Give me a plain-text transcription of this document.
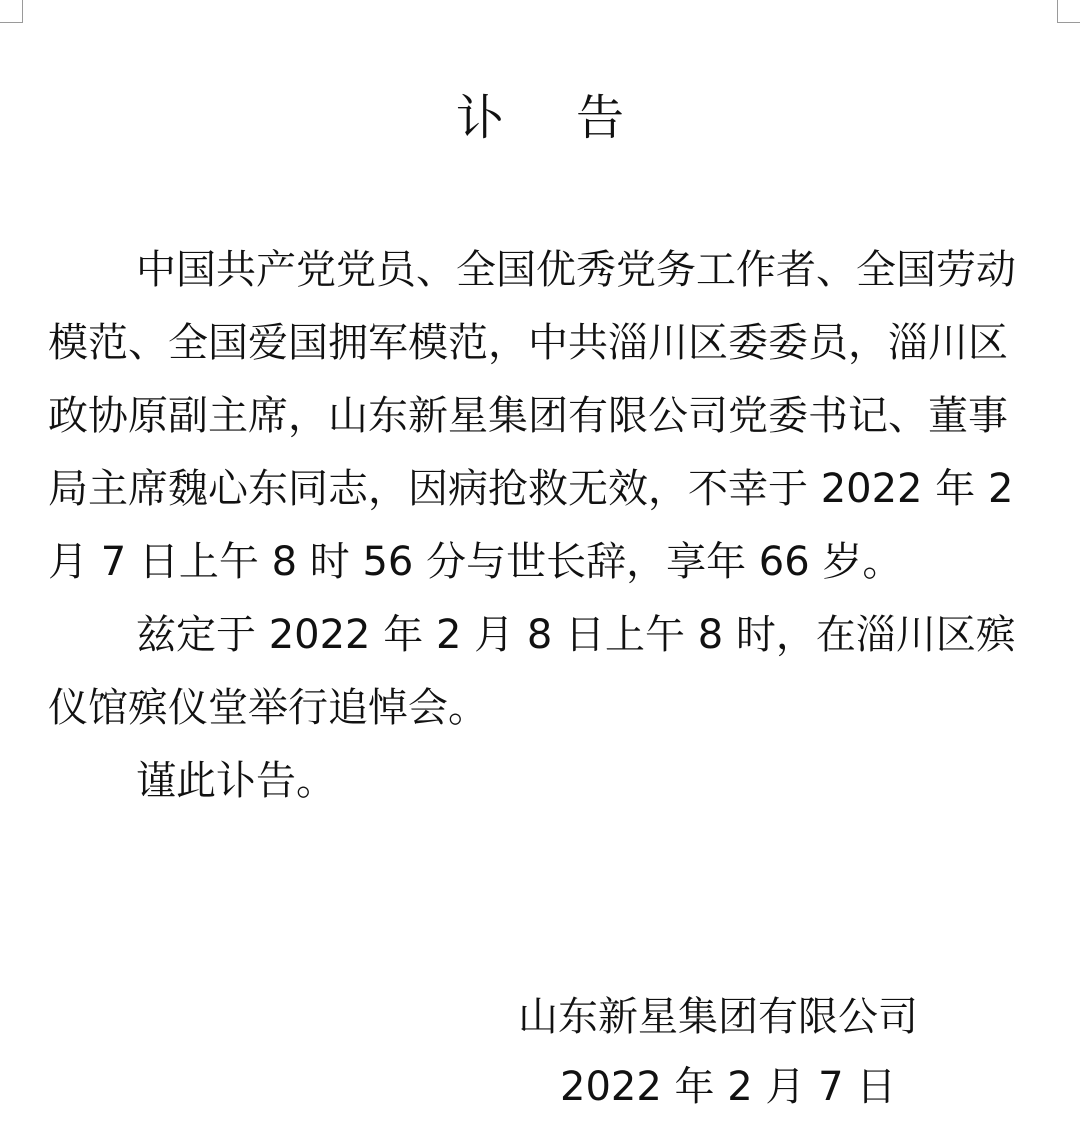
讣 告

中国共产党党员、全国优秀党务工作者、全国劳动模范、全国爱国拥军模范，中共淄川区委委员，淄川区政协原副主席，山东新星集团有限公司党委书记、董事局主席魏心东同志，因病抢救无效，不幸于 2022 年 2 月 7 日上午 8 时 56 分与世长辞，享年 66 岁。

兹定于 2022 年 2 月 8 日上午 8 时，在淄川区殡仪馆殡仪堂举行追悼会。

谨此讣告。

山东新星集团有限公司
2022 年 2 月 7 日
